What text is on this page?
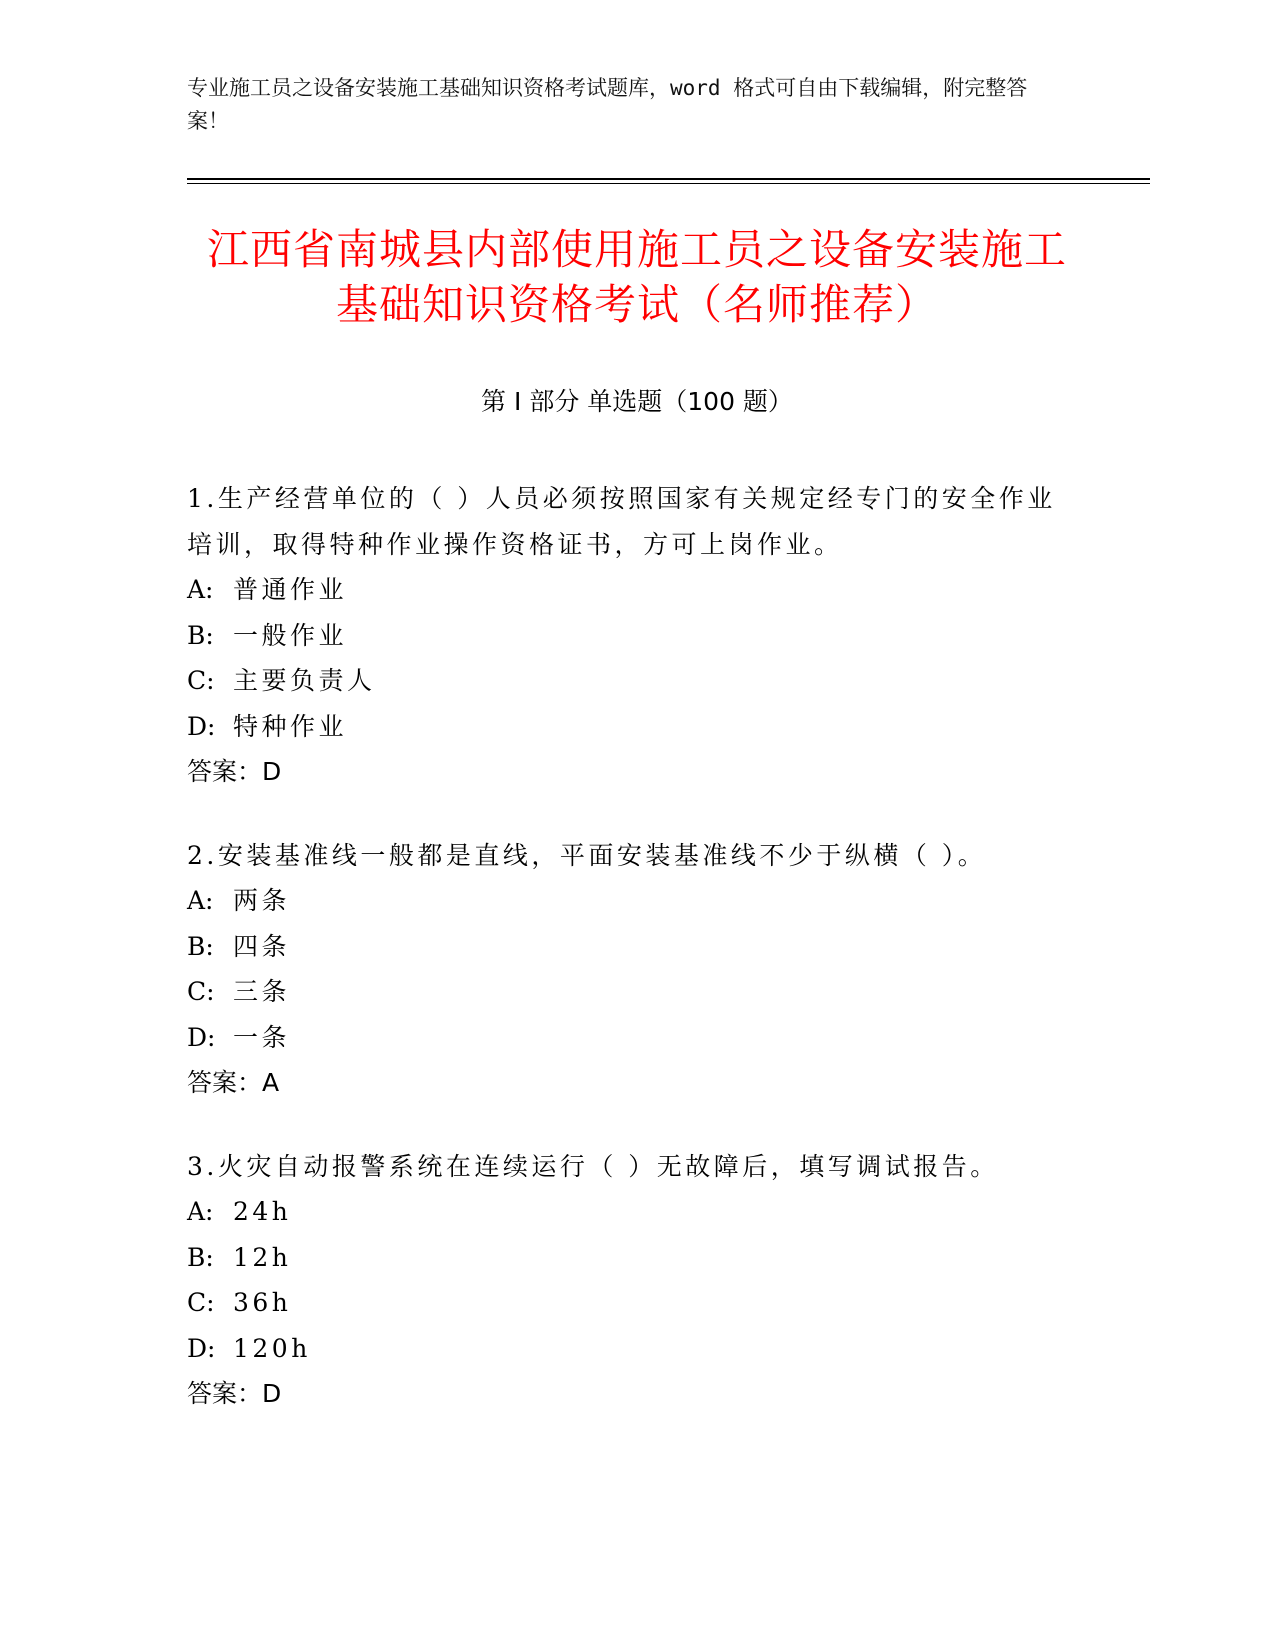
专业施工员之设备安装施工基础知识资格考试题库，word 格式可自由下载编辑，附完整答案！
江西省南城县内部使用施工员之设备安装施工基础知识资格考试（名师推荐）
第 I 部分 单选题（100 题）
1.生产经营单位的（ ）人员必须按照国家有关规定经专门的安全作业培训，取得特种作业操作资格证书，方可上岗作业。
A: 普通作业
B: 一般作业
C: 主要负责人
D: 特种作业
答案：D
2.安装基准线一般都是直线，平面安装基准线不少于纵横（ ）。
A: 两条
B: 四条
C: 三条
D: 一条
答案：A
3.火灾自动报警系统在连续运行（ ）无故障后，填写调试报告。
A: 24h
B: 12h
C: 36h
D: 120h
答案：D
